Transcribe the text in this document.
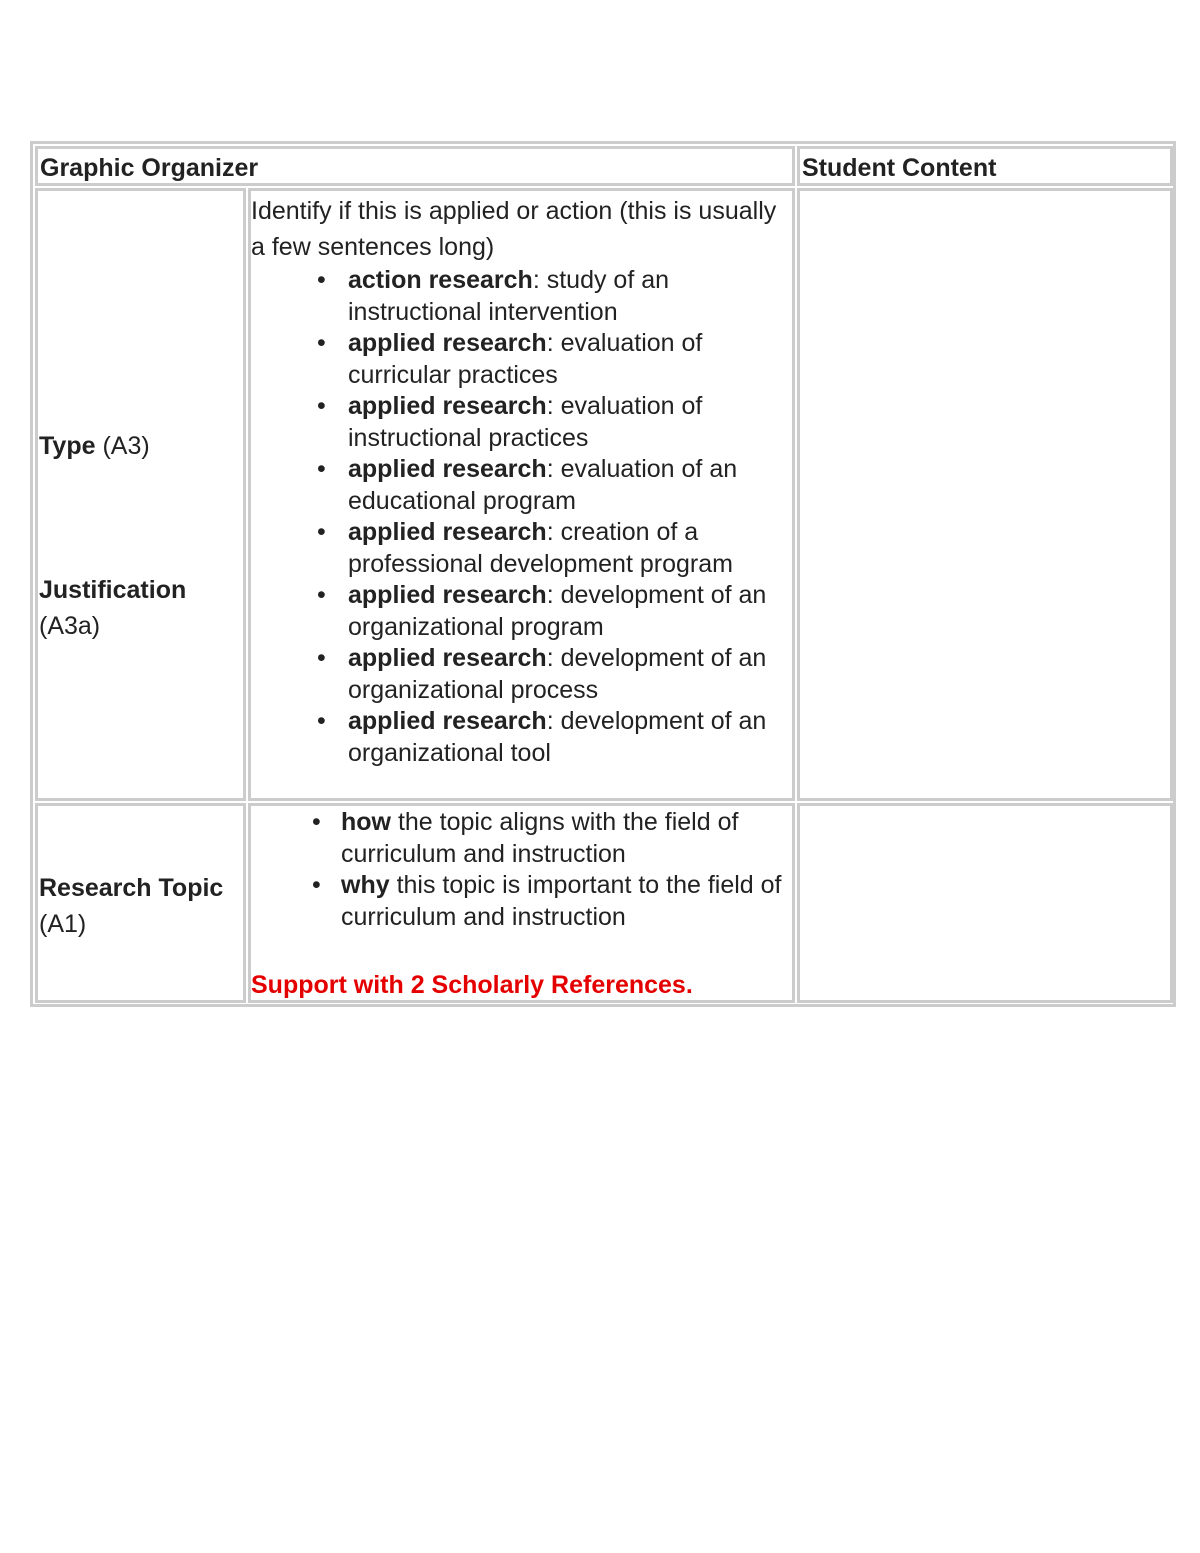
Graphic Organizer	Student Content
Type (A3)
Justification
(A3a)
Identify if this is applied or action (this is usually a few sentences long)
• action research: study of an instructional intervention
• applied research: evaluation of curricular practices
• applied research: evaluation of instructional practices
• applied research: evaluation of an educational program
• applied research: creation of a professional development program
• applied research: development of an organizational program
• applied research: development of an organizational process
• applied research: development of an organizational tool
Research Topic
(A1)
• how the topic aligns with the field of curriculum and instruction
• why this topic is important to the field of curriculum and instruction
Support with 2 Scholarly References.
